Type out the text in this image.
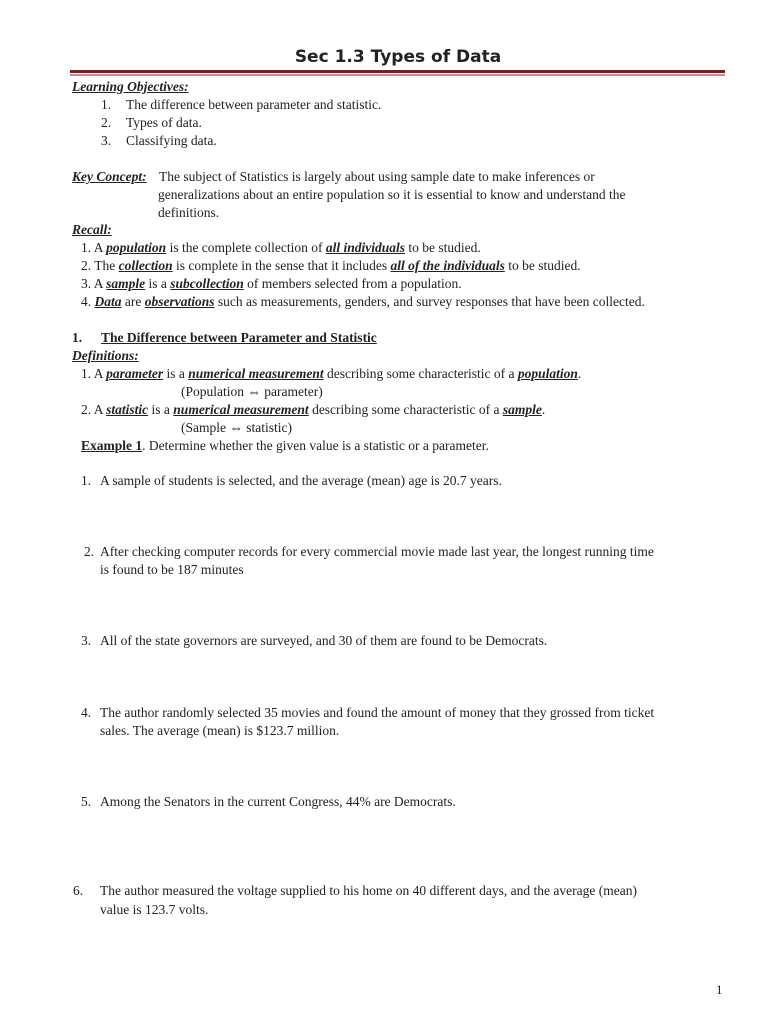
Sec 1.3 Types of Data
Learning Objectives:
1. The difference between parameter and statistic.
2. Types of data.
3. Classifying data.
Key Concept: The subject of Statistics is largely about using sample date to make inferences or
generalizations about an entire population so it is essential to know and understand the
definitions.
Recall:
1. A population is the complete collection of all individuals to be studied.
2. The collection is complete in the sense that it includes all of the individuals to be studied.
3. A sample is a subcollection of members selected from a population.
4. Data are observations such as measurements, genders, and survey responses that have been collected.
1. The Difference between Parameter and Statistic
Definitions:
1. A parameter is a numerical measurement describing some characteristic of a population.
(Population ⇔ parameter)
2. A statistic is a numerical measurement describing some characteristic of a sample.
(Sample ⇔ statistic)
Example 1. Determine whether the given value is a statistic or a parameter.
1. A sample of students is selected, and the average (mean) age is 20.7 years.
2. After checking computer records for every commercial movie made last year, the longest running time
is found to be 187 minutes
3. All of the state governors are surveyed, and 30 of them are found to be Democrats.
4. The author randomly selected 35 movies and found the amount of money that they grossed from ticket
sales. The average (mean) is $123.7 million.
5. Among the Senators in the current Congress, 44% are Democrats.
6. The author measured the voltage supplied to his home on 40 different days, and the average (mean)
value is 123.7 volts.
1
